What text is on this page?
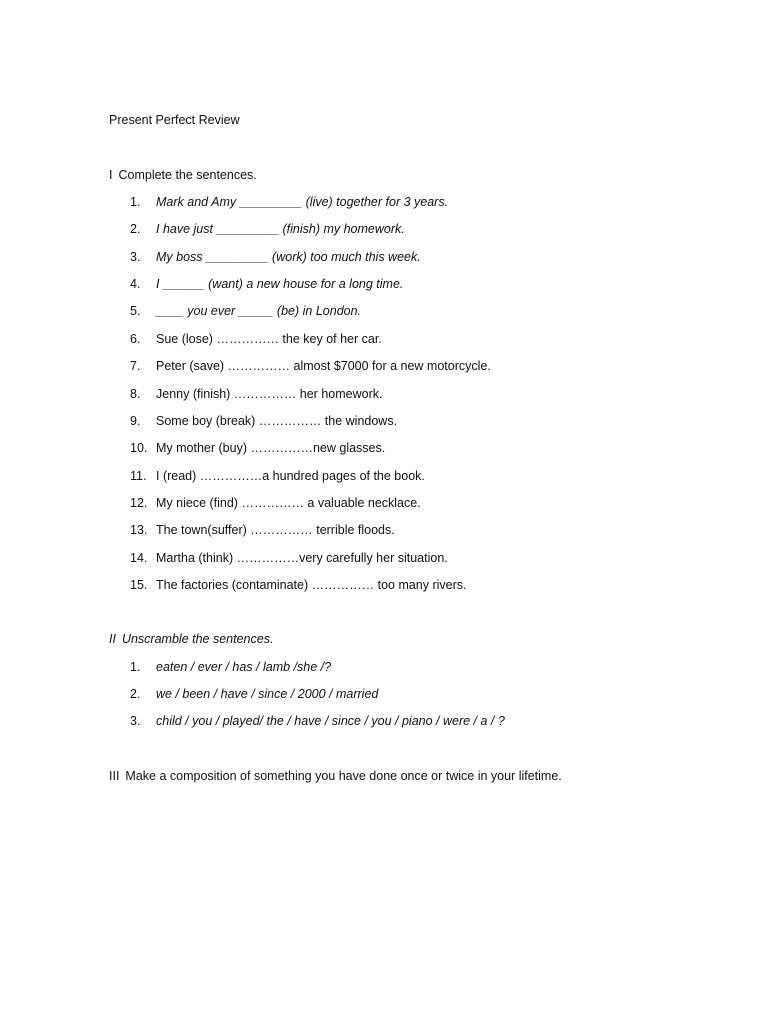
Present Perfect Review
I Complete the sentences.
1. Mark and Amy _________ (live) together for 3 years.
2. I have just _________ (finish) my homework.
3. My boss _________ (work) too much this week.
4. I ______ (want) a new house for a long time.
5. ____ you ever _____ (be) in London.
6. Sue (lose) …………… the key of her car.
7. Peter (save) …………… almost $7000 for a new motorcycle.
8. Jenny (finish) …………… her homework.
9. Some boy (break) …………… the windows.
10. My mother (buy) ……………new glasses.
11. I (read) ……………a hundred pages of the book.
12. My niece (find) …………… a valuable necklace.
13. The town(suffer) …………… terrible floods.
14. Martha (think) ……………very carefully her situation.
15. The factories (contaminate) …………… too many rivers.
II Unscramble the sentences.
1. eaten / ever / has / lamb /she /?
2. we / been / have / since / 2000 / married
3. child / you / played/ the / have / since / you / piano / were / a / ?
III Make a composition of something you have done once or twice in your lifetime.
